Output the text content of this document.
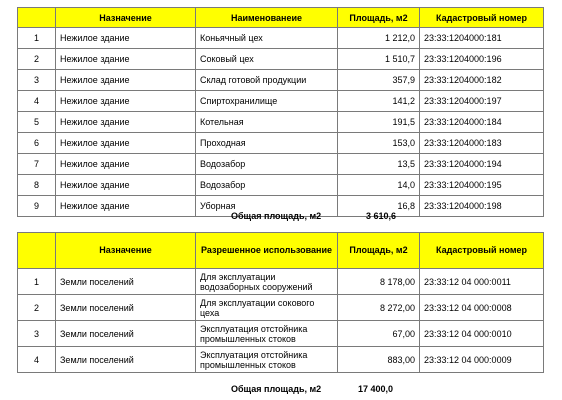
	Назначение	Наименованеие	Площадь, м2	Кадастровый номер
1	Нежилое здание	Коньячный цех	1 212,0	23:33:1204000:181
2	Нежилое здание	Соковый цех	1 510,7	23:33:1204000:196
3	Нежилое здание	Склад готовой продукции	357,9	23:33:1204000:182
4	Нежилое здание	Спиртохранилище	141,2	23:33:1204000:197
5	Нежилое здание	Котельная	191,5	23:33:1204000:184
6	Нежилое здание	Проходная	153,0	23:33:1204000:183
7	Нежилое здание	Водозабор	13,5	23:33:1204000:194
8	Нежилое здание	Водозабор	14,0	23:33:1204000:195
9	Нежилое здание	Уборная	16,8	23:33:1204000:198
Общая площадь, м2	3 610,6
	Назначение	Разрешенное использование	Площадь, м2	Кадастровый номер
1	Земли поселений	Для эксплуатации водозаборных сооружений	8 178,00	23:33:12 04 000:0011
2	Земли поселений	Для эксплуатации сокового цеха	8 272,00	23:33:12 04 000:0008
3	Земли поселений	Эксплуатация отстойника промышленных стоков	67,00	23:33:12 04 000:0010
4	Земли поселений	Эксплуатация отстойника промышленных стоков	883,00	23:33:12 04 000:0009
Общая площадь, м2	17 400,0
